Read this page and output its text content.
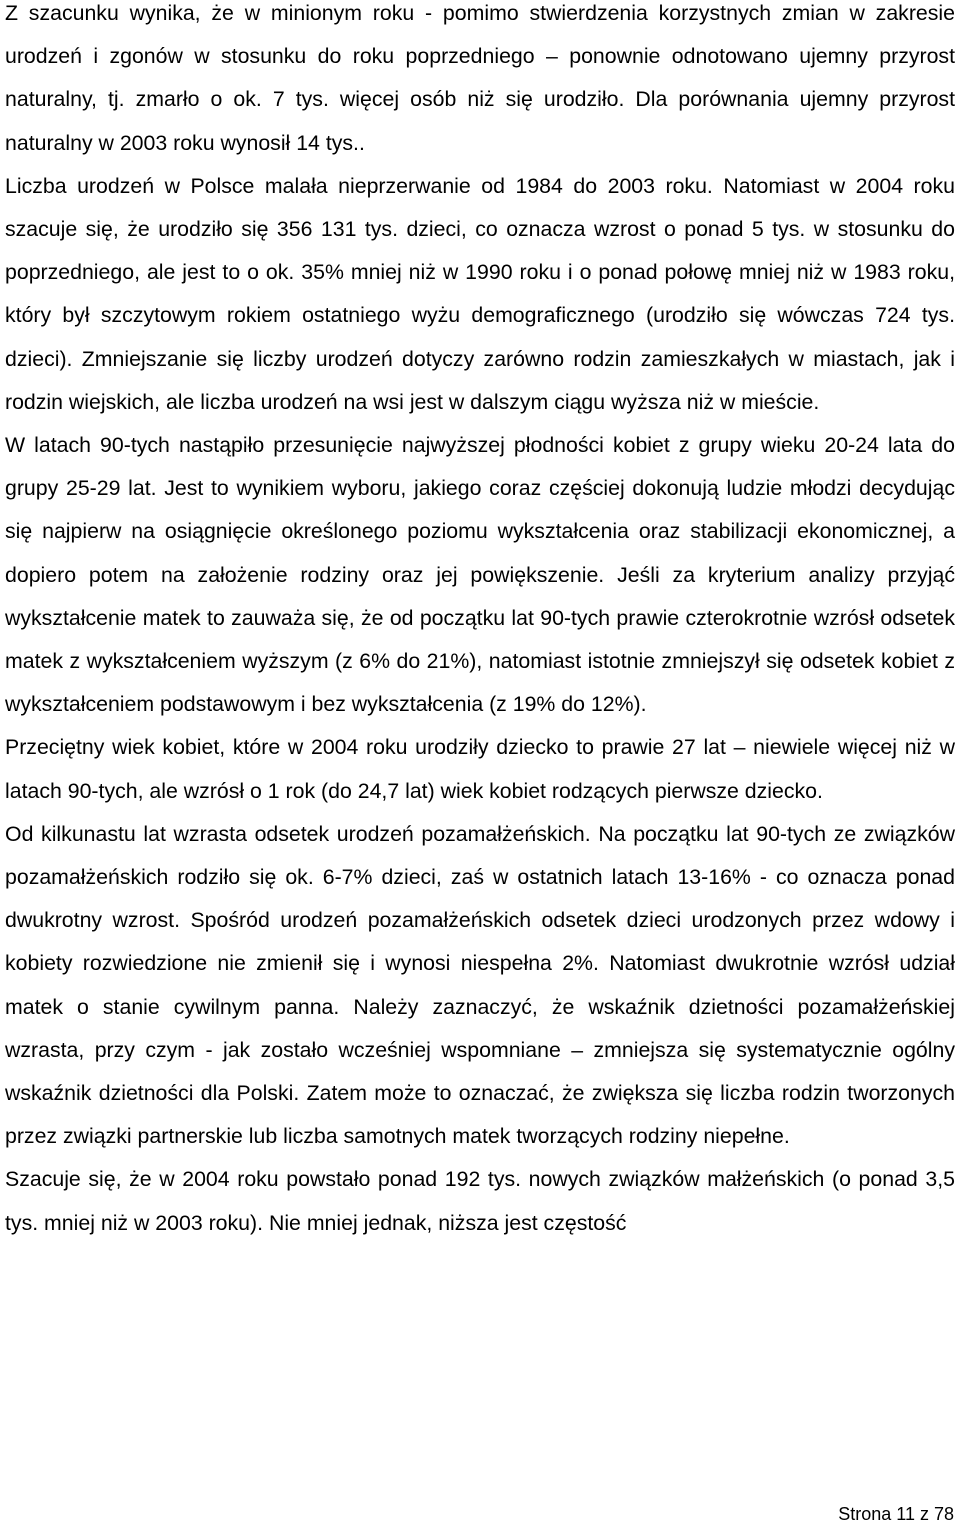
Z szacunku wynika, że w minionym roku - pomimo stwierdzenia korzystnych zmian w zakresie urodzeń i zgonów w stosunku do roku poprzedniego – ponownie odnotowano ujemny przyrost naturalny, tj. zmarło o ok. 7 tys. więcej osób niż się urodziło. Dla porównania ujemny przyrost naturalny w 2003 roku wynosił 14 tys..

Liczba urodzeń w Polsce malała nieprzerwanie od 1984 do 2003 roku. Natomiast w 2004 roku szacuje się, że urodziło się 356 131 tys. dzieci, co oznacza wzrost o ponad 5 tys. w stosunku do poprzedniego, ale jest to o ok. 35% mniej niż w 1990 roku i o ponad połowę mniej niż w 1983 roku, który był szczytowym rokiem ostatniego wyżu demograficznego (urodziło się wówczas 724 tys. dzieci). Zmniejszanie się liczby urodzeń dotyczy zarówno rodzin zamieszkałych w miastach, jak i rodzin wiejskich, ale liczba urodzeń na wsi jest w dalszym ciągu wyższa niż w mieście.

W latach 90-tych nastąpiło przesunięcie najwyższej płodności kobiet z grupy wieku 20-24 lata do grupy 25-29 lat. Jest to wynikiem wyboru, jakiego coraz częściej dokonują ludzie młodzi decydując się najpierw na osiągnięcie określonego poziomu wykształcenia oraz stabilizacji ekonomicznej, a dopiero potem na założenie rodziny oraz jej powiększenie. Jeśli za kryterium analizy przyjąć wykształcenie matek to zauważa się, że od początku lat 90-tych prawie czterokrotnie wzrósł odsetek matek z wykształceniem wyższym (z 6% do 21%), natomiast istotnie zmniejszył się odsetek kobiet z wykształceniem podstawowym i bez wykształcenia (z 19% do 12%).

Przeciętny wiek kobiet, które w 2004 roku urodziły dziecko to prawie 27 lat – niewiele więcej niż w latach 90-tych, ale wzrósł o 1 rok (do 24,7 lat) wiek kobiet rodzących pierwsze dziecko.

Od kilkunastu lat wzrasta odsetek urodzeń pozamałżeńskich. Na początku lat 90-tych ze związków pozamałżeńskich rodziło się ok. 6-7% dzieci, zaś w ostatnich latach 13-16% - co oznacza ponad dwukrotny wzrost. Spośród urodzeń pozamałżeńskich odsetek dzieci urodzonych przez wdowy i kobiety rozwiedzione nie zmienił się i wynosi niespełna 2%. Natomiast dwukrotnie wzrósł udział matek o stanie cywilnym panna. Należy zaznaczyć, że wskaźnik dzietności pozamałżeńskiej wzrasta, przy czym - jak zostało wcześniej wspomniane – zmniejsza się systematycznie ogólny wskaźnik dzietności dla Polski. Zatem może to oznaczać, że zwiększa się liczba rodzin tworzonych przez związki partnerskie lub liczba samotnych matek tworzących rodziny niepełne.

Szacuje się, że w 2004 roku powstało ponad 192 tys. nowych związków małżeńskich (o ponad 3,5 tys. mniej niż w 2003 roku). Nie mniej jednak, niższa jest częstość

Strona 11 z 78
